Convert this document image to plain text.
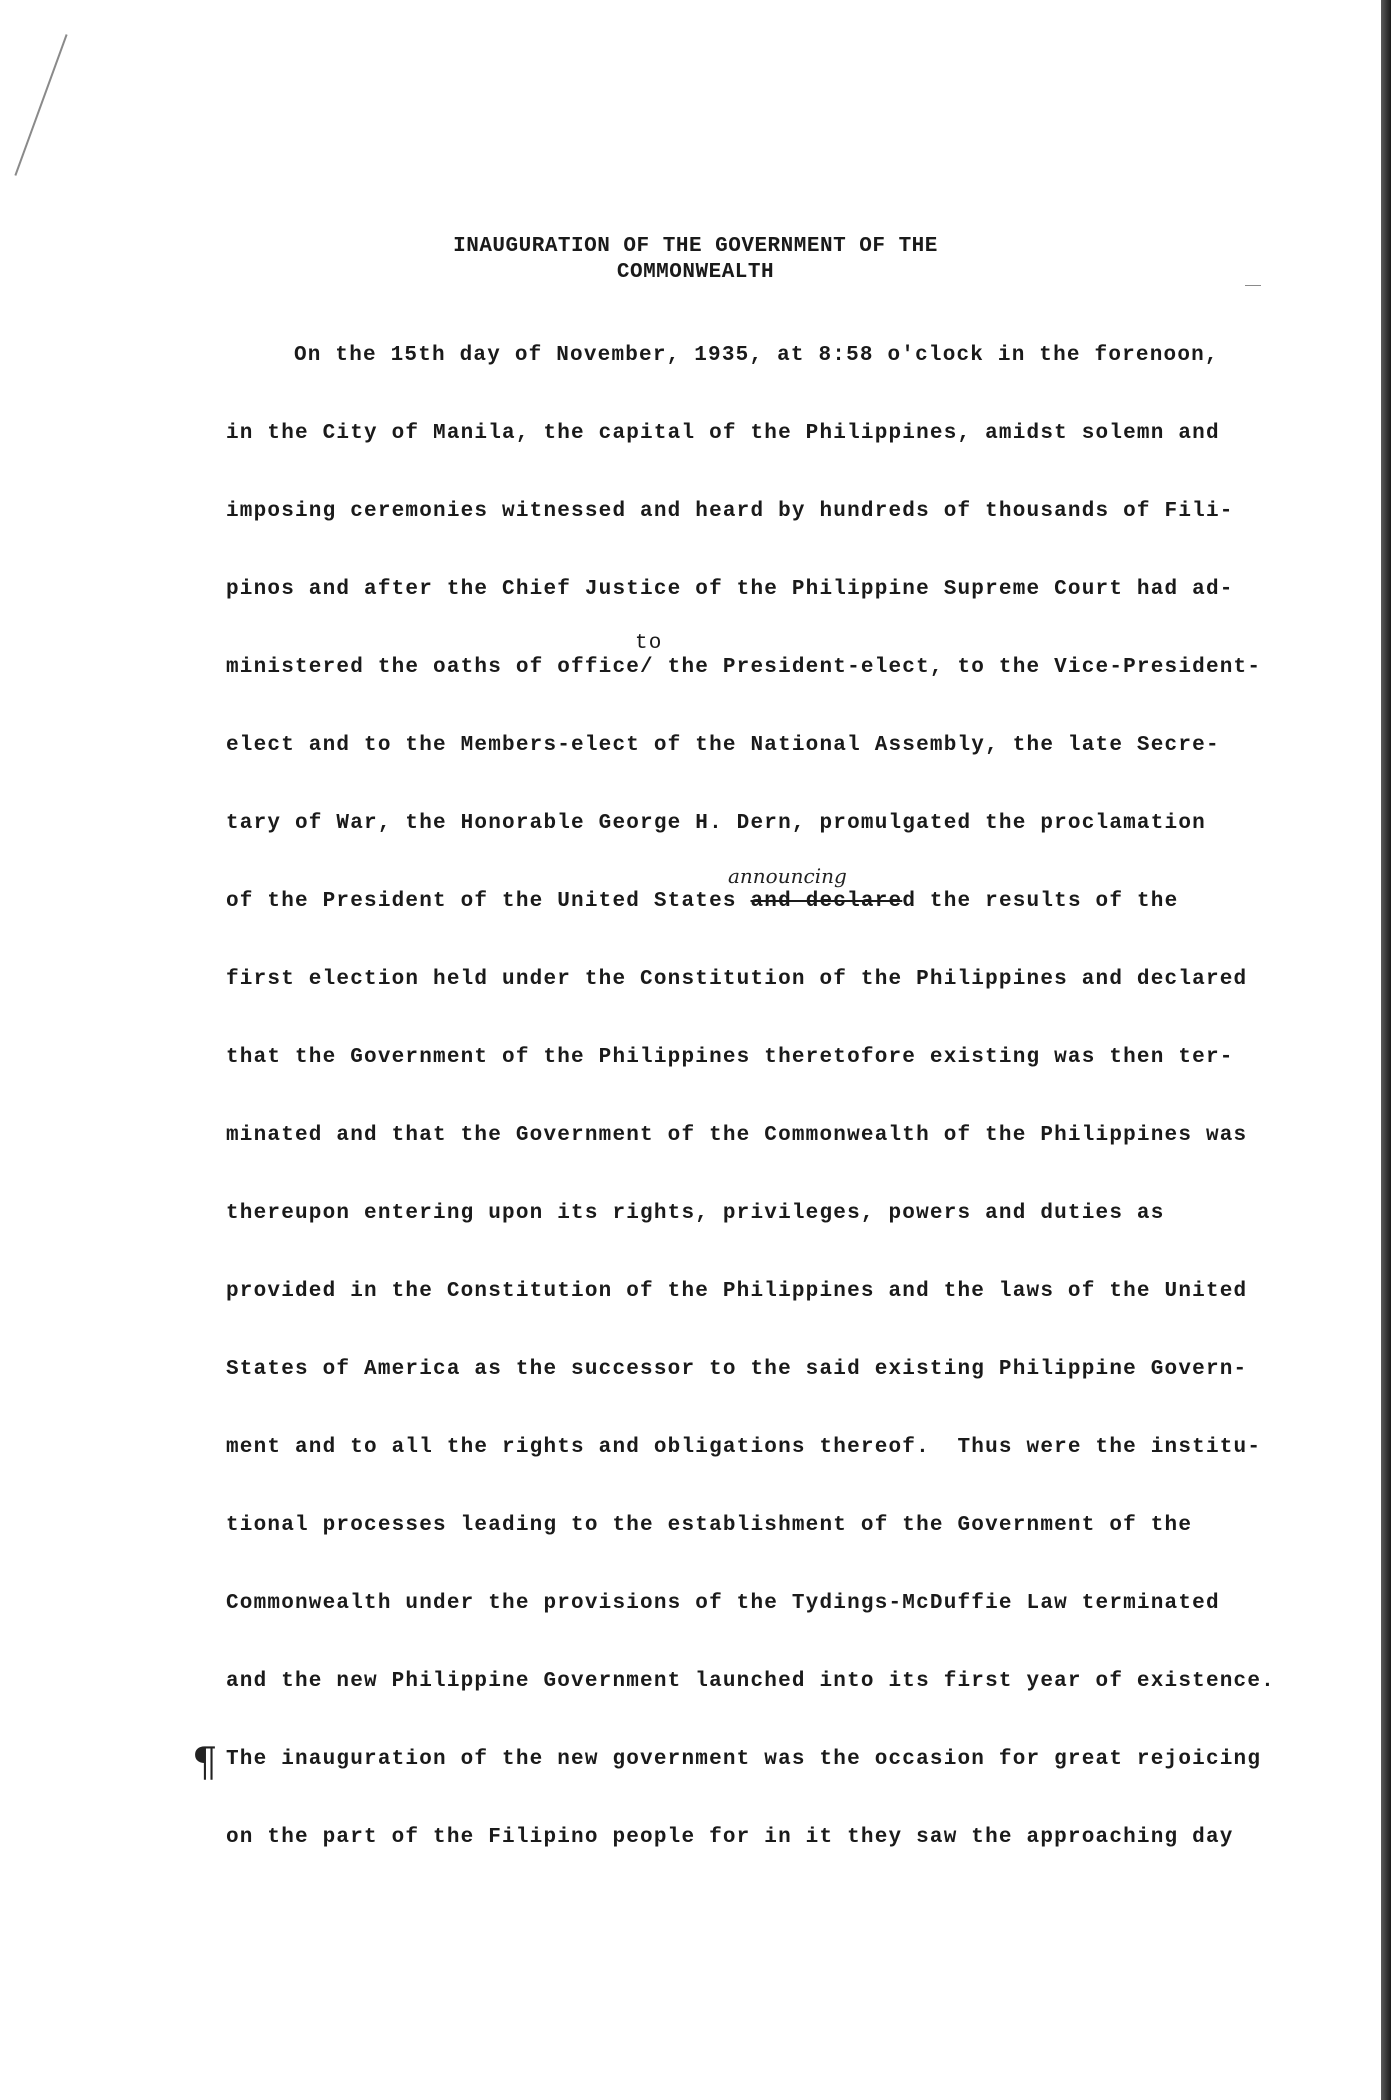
INAUGURATION OF THE GOVERNMENT OF THE
COMMONWEALTH
On the 15th day of November, 1935, at 8:58 o'clock in the forenoon,
in the City of Manila, the capital of the Philippines, amidst solemn and
imposing ceremonies witnessed and heard by hundreds of thousands of Fili-
pinos and after the Chief Justice of the Philippine Supreme Court had ad-
to
ministered the oaths of office/ the President-elect, to the Vice-President-
elect and to the Members-elect of the National Assembly, the late Secre-
tary of War, the Honorable George H. Dern, promulgated the proclamation
announcing
of the President of the United States and declared the results of the
first election held under the Constitution of the Philippines and declared
that the Government of the Philippines theretofore existing was then ter-
minated and that the Government of the Commonwealth of the Philippines was
thereupon entering upon its rights, privileges, powers and duties as
provided in the Constitution of the Philippines and the laws of the United
States of America as the successor to the said existing Philippine Govern-
ment and to all the rights and obligations thereof.  Thus were the institu-
tional processes leading to the establishment of the Government of the
Commonwealth under the provisions of the Tydings-McDuffie Law terminated
and the new Philippine Government launched into its first year of existence.
¶ The inauguration of the new government was the occasion for great rejoicing
on the part of the Filipino people for in it they saw the approaching day
